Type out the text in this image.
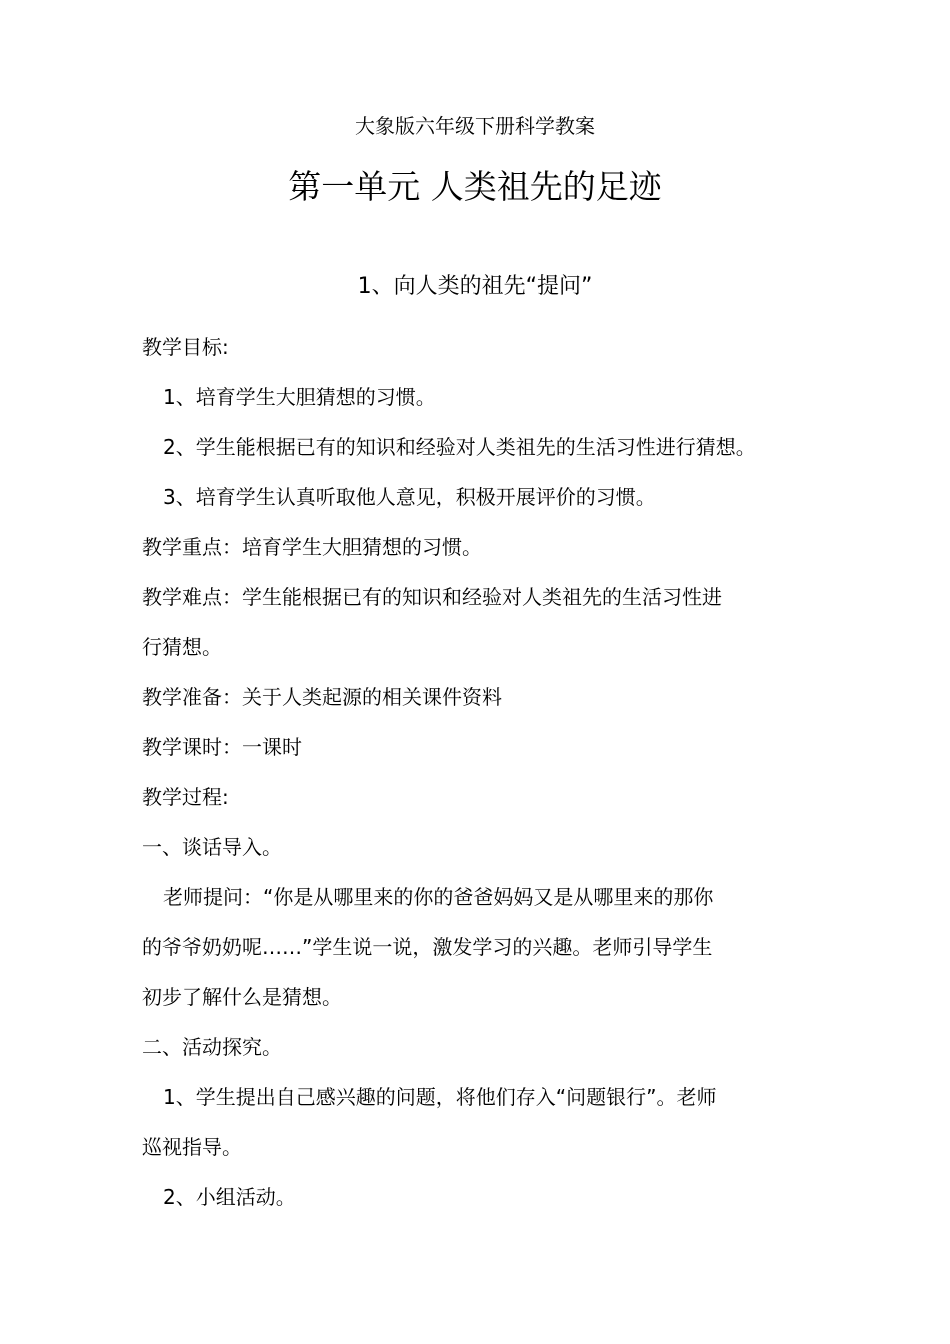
大象版六年级下册科学教案
第一单元 人类祖先的足迹
1、向人类的祖先“提问”
教学目标:
1、培育学生大胆猜想的习惯。
2、学生能根据已有的知识和经验对人类祖先的生活习性进行猜想。
3、培育学生认真听取他人意见，积极开展评价的习惯。
教学重点：培育学生大胆猜想的习惯。
教学难点：学生能根据已有的知识和经验对人类祖先的生活习性进
行猜想。
教学准备：关于人类起源的相关课件资料
教学课时：一课时
教学过程:
一、谈话导入。
老师提问：“你是从哪里来的你的爸爸妈妈又是从哪里来的那你
的爷爷奶奶呢……”学生说一说，激发学习的兴趣。老师引导学生
初步了解什么是猜想。
二、活动探究。
1、学生提出自己感兴趣的问题，将他们存入“问题银行”。老师
巡视指导。
2、小组活动。
